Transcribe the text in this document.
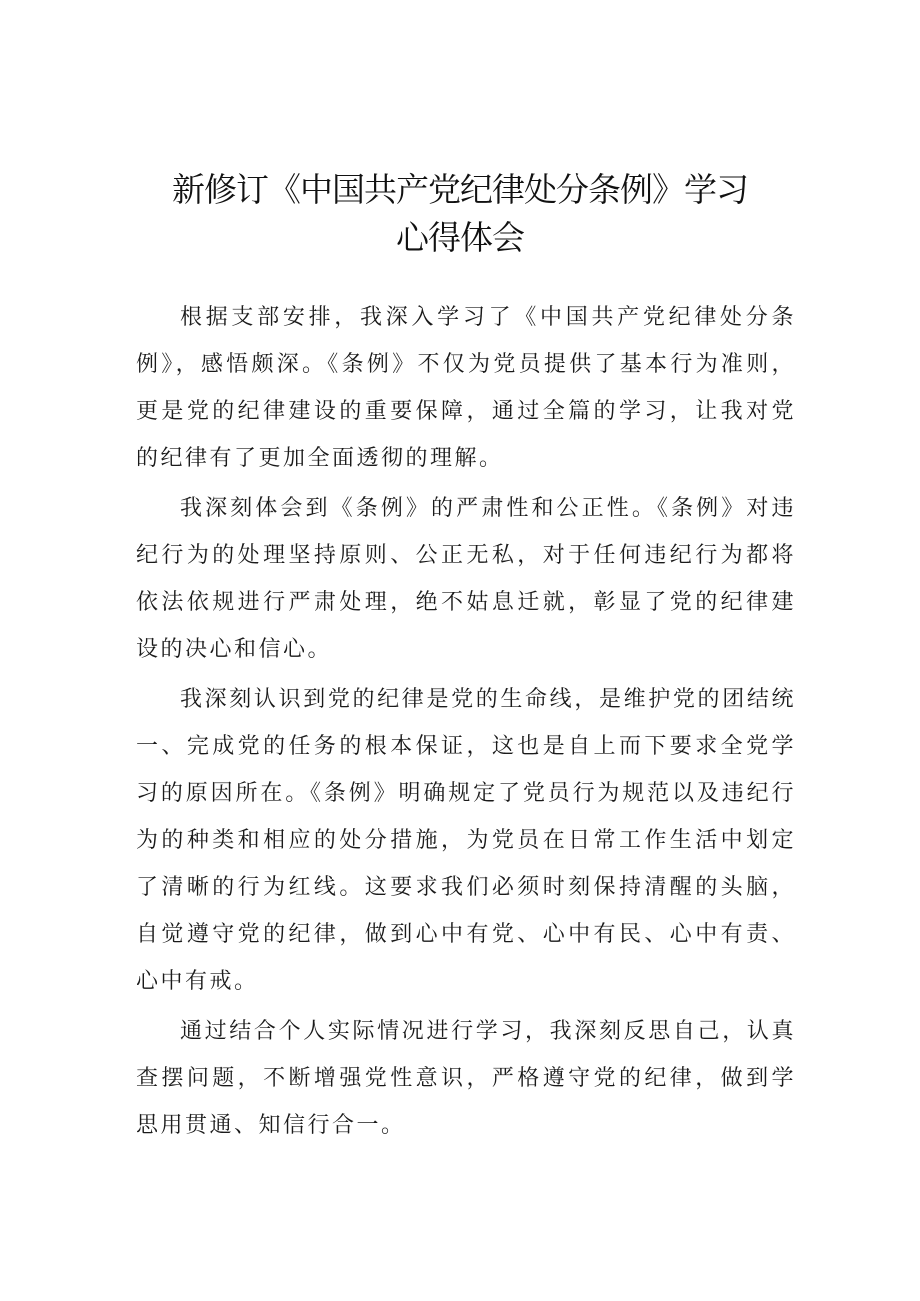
新修订《中国共产党纪律处分条例》学习
心得体会

根据支部安排，我深入学习了《中国共产党纪律处分条例》，感悟颇深。《条例》不仅为党员提供了基本行为准则，更是党的纪律建设的重要保障，通过全篇的学习，让我对党的纪律有了更加全面透彻的理解。

我深刻体会到《条例》的严肃性和公正性。《条例》对违纪行为的处理坚持原则、公正无私，对于任何违纪行为都将依法依规进行严肃处理，绝不姑息迁就，彰显了党的纪律建设的决心和信心。

我深刻认识到党的纪律是党的生命线，是维护党的团结统一、完成党的任务的根本保证，这也是自上而下要求全党学习的原因所在。《条例》明确规定了党员行为规范以及违纪行为的种类和相应的处分措施，为党员在日常工作生活中划定了清晰的行为红线。这要求我们必须时刻保持清醒的头脑，自觉遵守党的纪律，做到心中有党、心中有民、心中有责、心中有戒。

通过结合个人实际情况进行学习，我深刻反思自己，认真查摆问题，不断增强党性意识，严格遵守党的纪律，做到学思用贯通、知信行合一。
